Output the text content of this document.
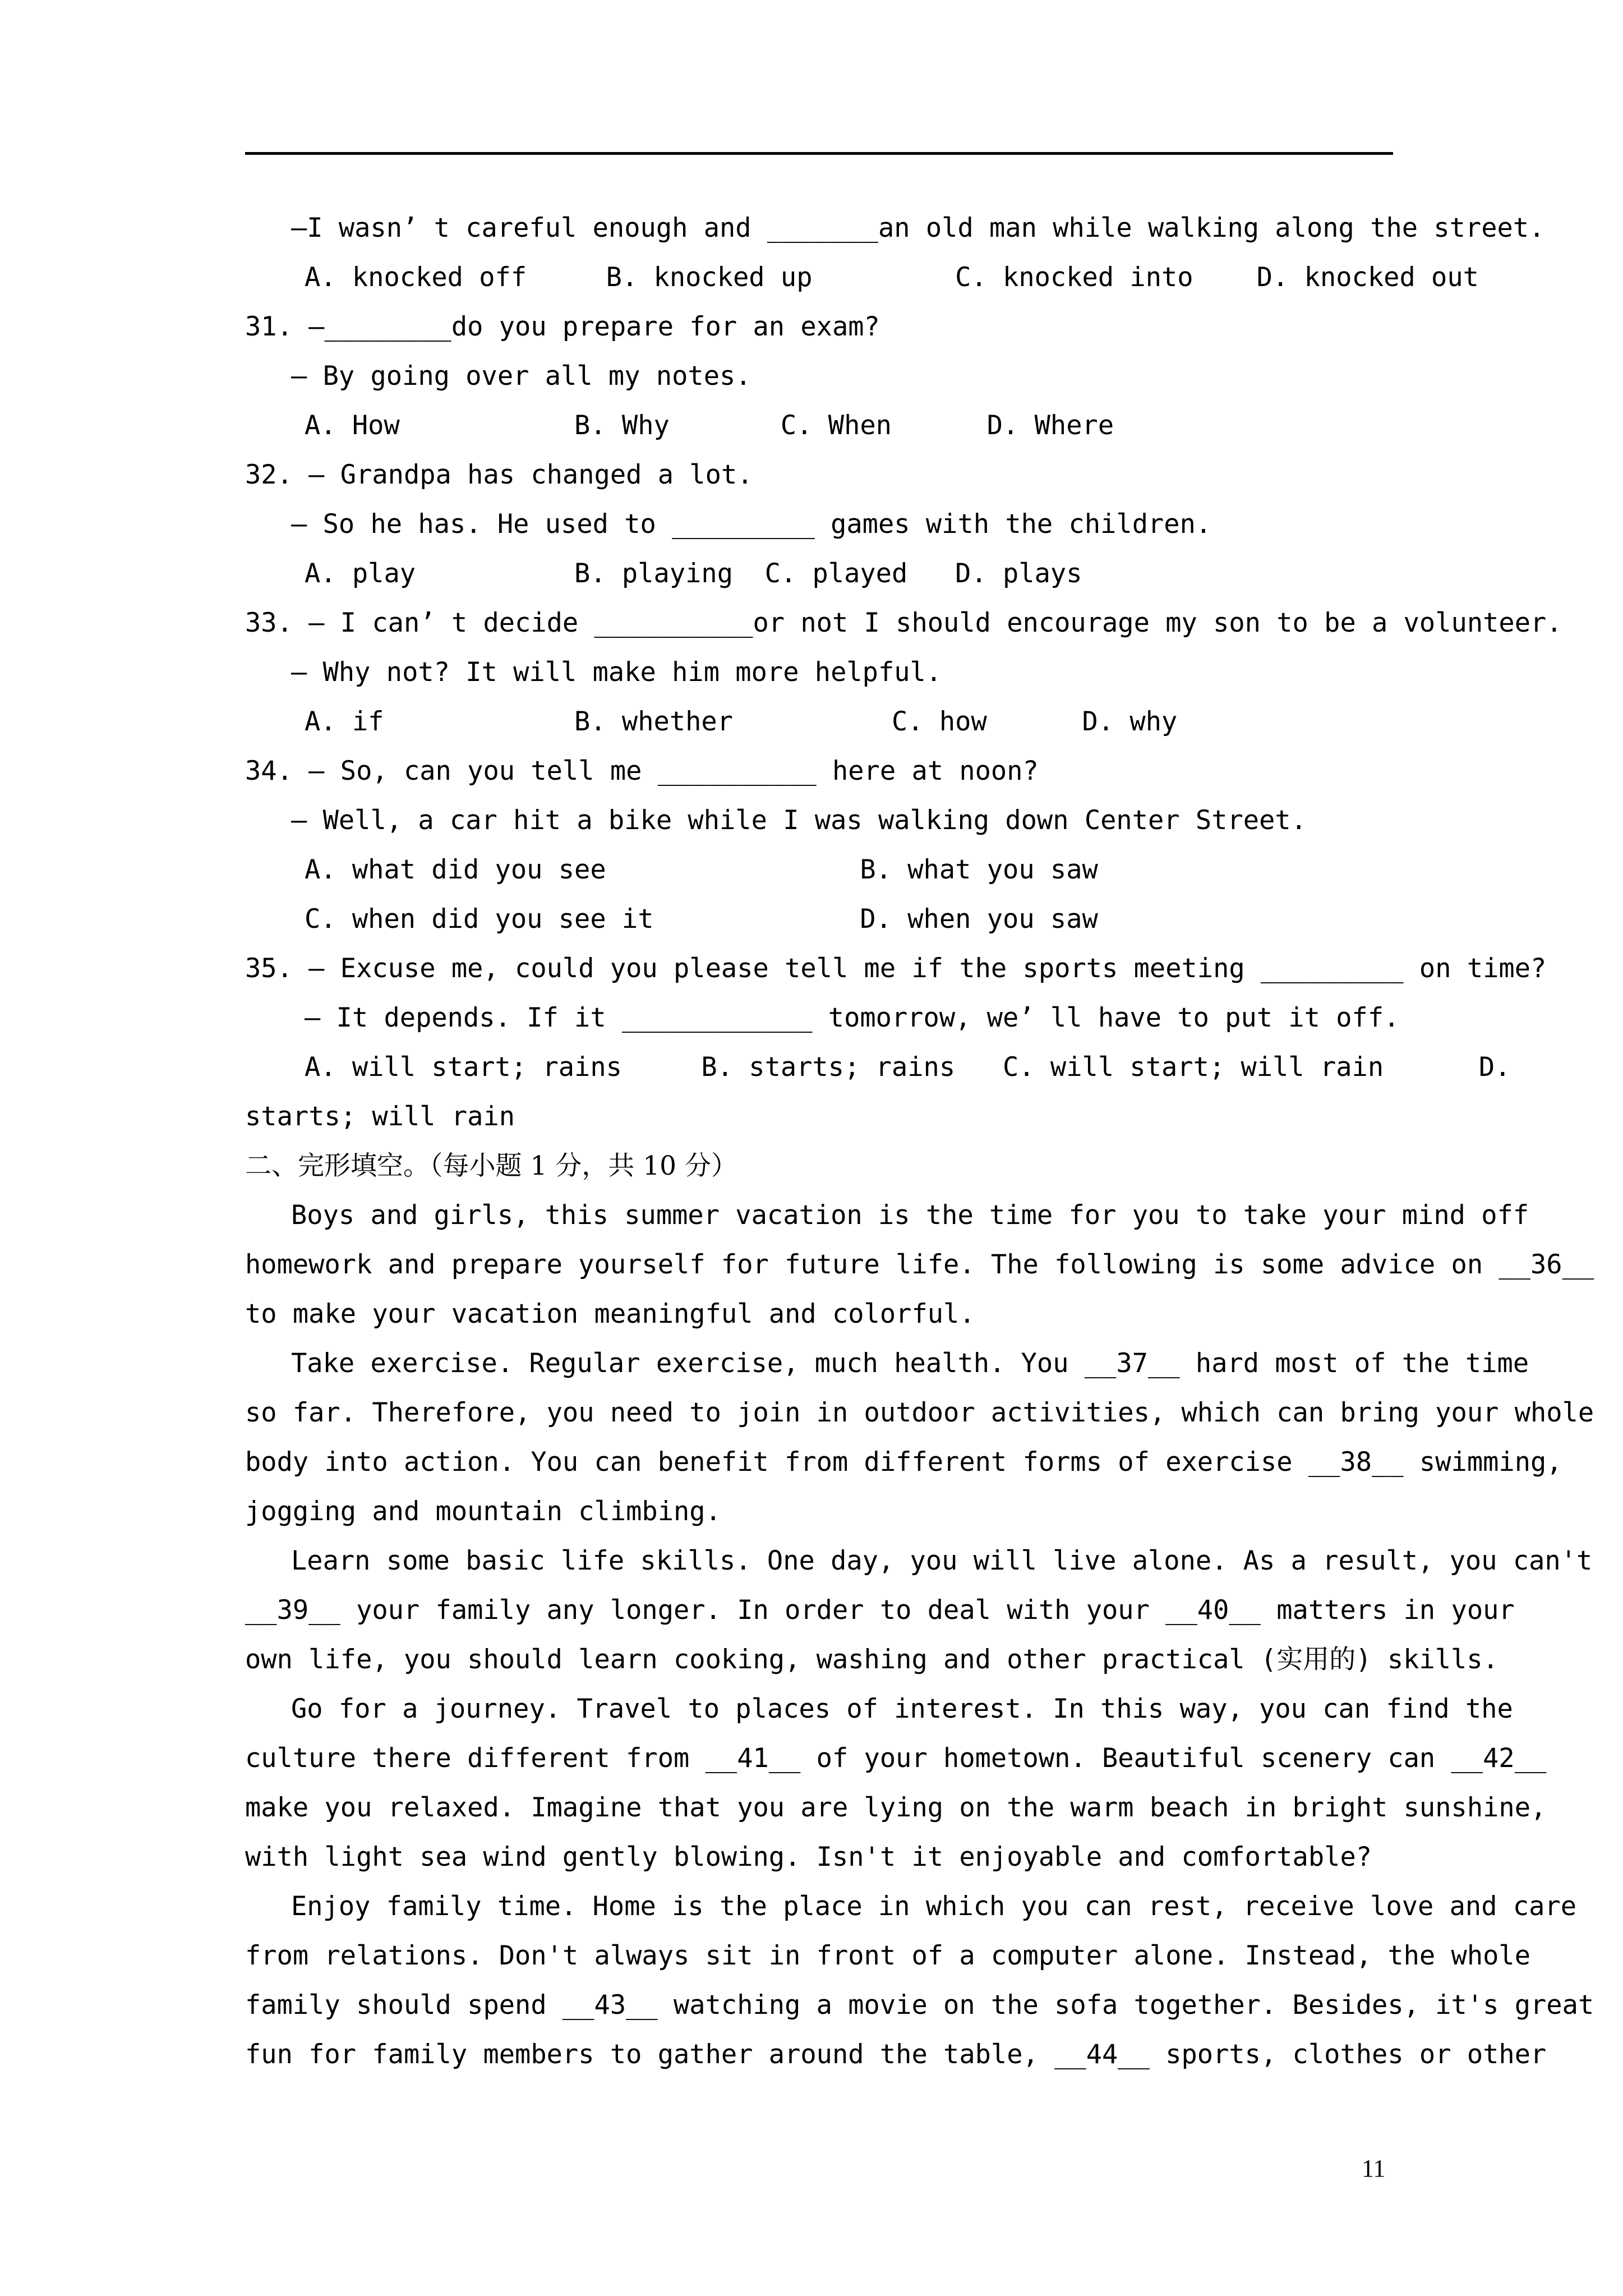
—I wasn’ t careful enough and _______an old man while walking along the street.
A. knocked off     B. knocked up         C. knocked into    D. knocked out
31. —________do you prepare for an exam?
— By going over all my notes.
A. How           B. Why       C. When      D. Where
32. — Grandpa has changed a lot.
— So he has. He used to _________ games with the children.
A. play          B. playing  C. played   D. plays
33. — I can’ t decide __________or not I should encourage my son to be a volunteer.
— Why not? It will make him more helpful.
A. if            B. whether          C. how      D. why
34. — So, can you tell me __________ here at noon?
— Well, a car hit a bike while I was walking down Center Street.
A. what did you see                B. what you saw
C. when did you see it             D. when you saw
35. — Excuse me, could you please tell me if the sports meeting _________ on time?
— It depends. If it ____________ tomorrow, we’ ll have to put it off.
A. will start; rains     B. starts; rains   C. will start; will rain      D.
starts; will rain
二、完形填空。（每小题 1 分，共 10 分）
Boys and girls, this summer vacation is the time for you to take your mind off
homework and prepare yourself for future life. The following is some advice on __36__
to make your vacation meaningful and colorful.
Take exercise. Regular exercise, much health. You __37__ hard most of the time
so far. Therefore, you need to join in outdoor activities, which can bring your whole
body into action. You can benefit from different forms of exercise __38__ swimming,
jogging and mountain climbing.
Learn some basic life skills. One day, you will live alone. As a result, you can't
__39__ your family any longer. In order to deal with your __40__ matters in your
own life, you should learn cooking, washing and other practical (实用的) skills.
Go for a journey. Travel to places of interest. In this way, you can find the
culture there different from __41__ of your hometown. Beautiful scenery can __42__
make you relaxed. Imagine that you are lying on the warm beach in bright sunshine,
with light sea wind gently blowing. Isn't it enjoyable and comfortable?
Enjoy family time. Home is the place in which you can rest, receive love and care
from relations. Don't always sit in front of a computer alone. Instead, the whole
family should spend __43__ watching a movie on the sofa together. Besides, it's great
fun for family members to gather around the table, __44__ sports, clothes or other
11
